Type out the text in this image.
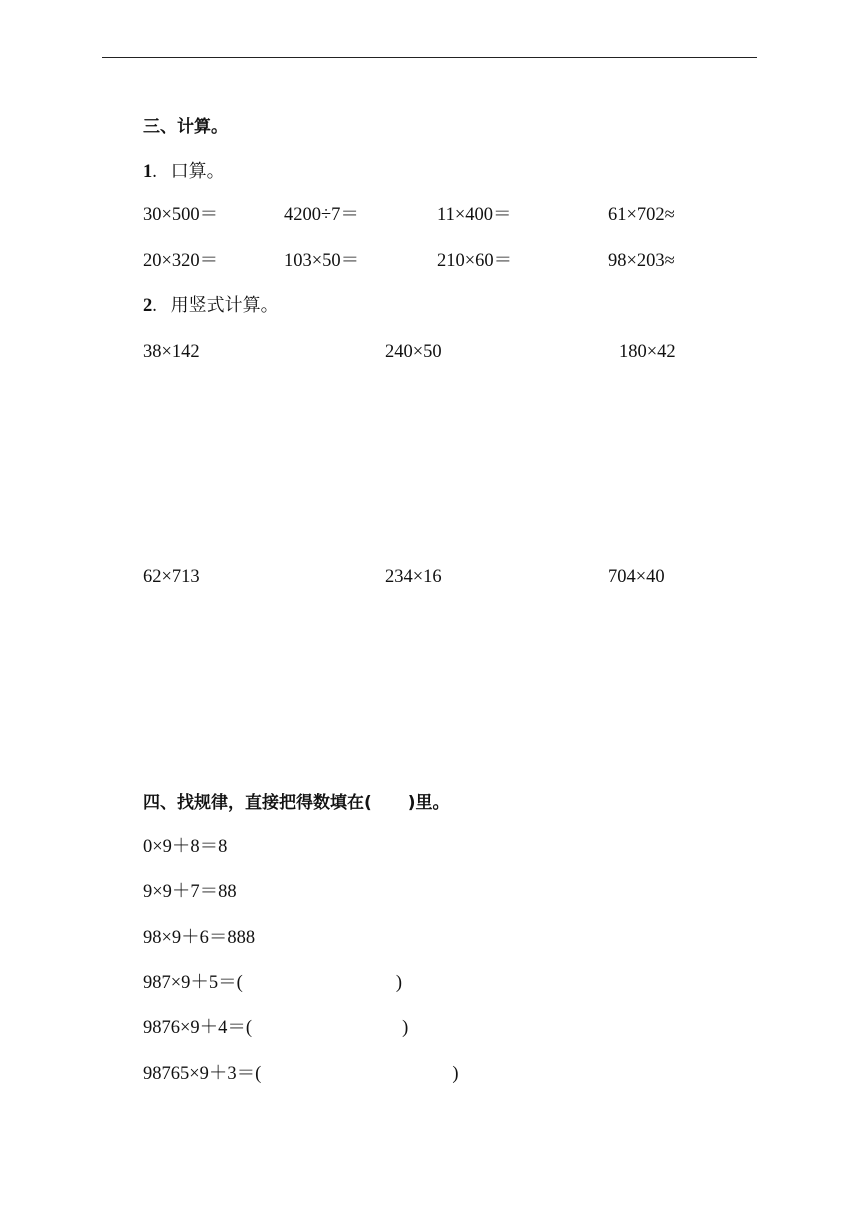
三、计算。
1. 口算。
30×500＝	4200÷7＝	11×400＝	61×702≈
20×320＝	103×50＝	210×60＝	98×203≈
2. 用竖式计算。
38×142	240×50	180×42
62×713	234×16	704×40
四、找规律，直接把得数填在( )里。
0×9＋8＝8
9×9＋7＝88
98×9＋6＝888
987×9＋5＝(	)
9876×9＋4＝(	)
98765×9＋3＝(	)
